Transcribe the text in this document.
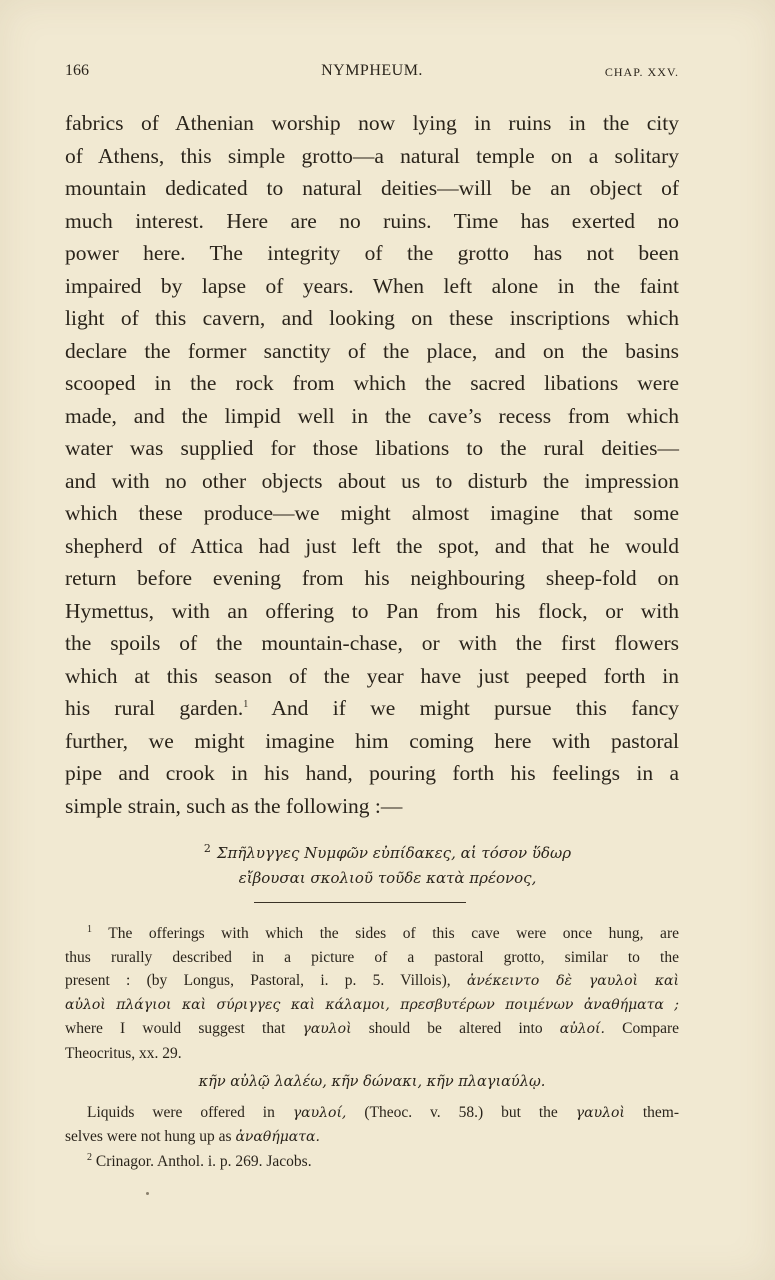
166	NYMPHEUM.	CHAP. XXV.

fabrics of Athenian worship now lying in ruins in the city
of Athens, this simple grotto—a natural temple on a solitary
mountain dedicated to natural deities—will be an object of
much interest. Here are no ruins. Time has exerted no
power here. The integrity of the grotto has not been
impaired by lapse of years. When left alone in the faint
light of this cavern, and looking on these inscriptions which
declare the former sanctity of the place, and on the basins
scooped in the rock from which the sacred libations were
made, and the limpid well in the cave’s recess from which
water was supplied for those libations to the rural deities—
and with no other objects about us to disturb the impression
which these produce—we might almost imagine that some
shepherd of Attica had just left the spot, and that he would
return before evening from his neighbouring sheep-fold on
Hymettus, with an offering to Pan from his flock, or with
the spoils of the mountain-chase, or with the first flowers
which at this season of the year have just peeped forth in
his rural garden.$^1$ And if we might pursue this fancy
further, we might imagine him coming here with pastoral
pipe and crook in his hand, pouring forth his feelings in a
simple strain, such as the following :—

$^2$ Σπῆλυγγες Νυμφῶν εὐπίδακες, αἱ τόσον ὕδωρ
εἴβουσαι σκολιοῦ τοῦδε κατὰ πρέονος,
$^1$ The offerings with which the sides of this cave were once hung, are
thus rurally described in a picture of a pastoral grotto, similar to the
present : (by Longus, Pastoral, i. p. 5. Villois), ἀνέκειντο δὲ γαυλοὶ καὶ
αὐλοὶ πλάγιοι καὶ σύριγγες καὶ κάλαμοι, πρεσβυτέρων ποιμένων ἀναθήματα ;
where I would suggest that γαυλοὶ should be altered into αὐλοί. Compare
Theocritus, xx. 29.
κῆν αὐλῷ λαλέω, κῆν δώνακι, κῆν πλαγιαύλῳ.
Liquids were offered in γαυλοί, (Theoc. v. 58.) but the γαυλοὶ them-
selves were not hung up as ἀναθήματα.
$^2$ Crinagor. Anthol. i. p. 269. Jacobs.
